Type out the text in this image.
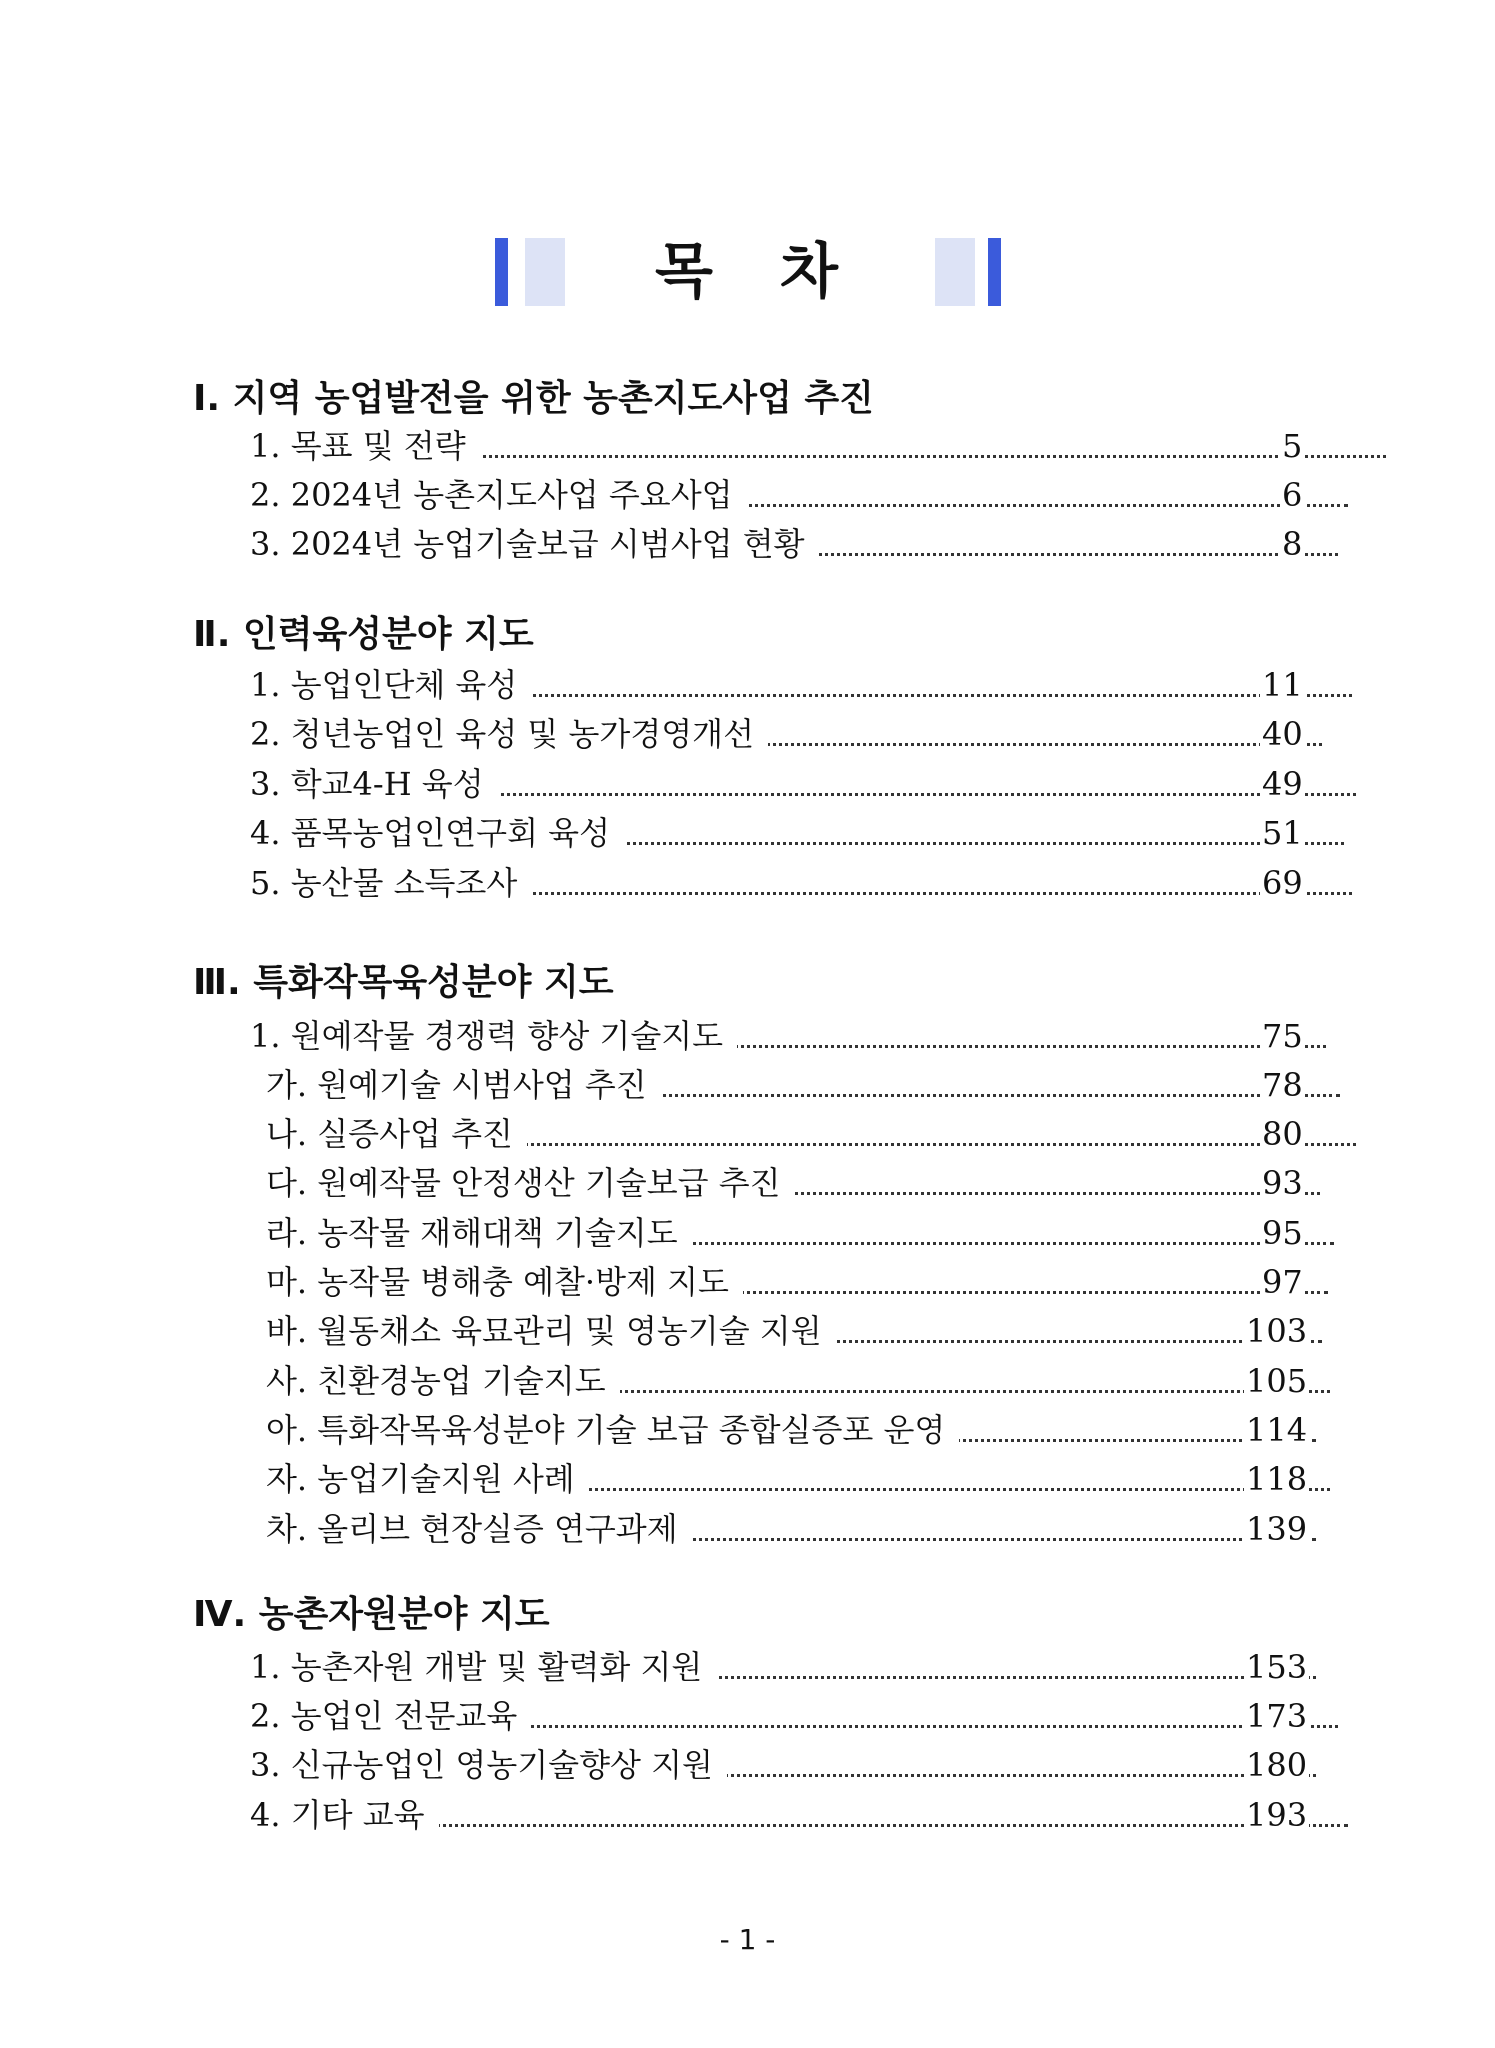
목 차
Ⅰ. 지역 농업발전을 위한 농촌지도사업 추진
1. 목표 및 전략	5
2. 2024년 농촌지도사업 주요사업	6
3. 2024년 농업기술보급 시범사업 현황	8
Ⅱ. 인력육성분야 지도
1. 농업인단체 육성	11
2. 청년농업인 육성 및 농가경영개선	40
3. 학교4-H 육성	49
4. 품목농업인연구회 육성	51
5. 농산물 소득조사	69
Ⅲ. 특화작목육성분야 지도
1. 원예작물 경쟁력 향상 기술지도	75
가. 원예기술 시범사업 추진	78
나. 실증사업 추진	80
다. 원예작물 안정생산 기술보급 추진	93
라. 농작물 재해대책 기술지도	95
마. 농작물 병해충 예찰·방제 지도	97
바. 월동채소 육묘관리 및 영농기술 지원	103
사. 친환경농업 기술지도	105
아. 특화작목육성분야 기술 보급 종합실증포 운영	114
자. 농업기술지원 사례	118
차. 올리브 현장실증 연구과제	139
Ⅳ. 농촌자원분야 지도
1. 농촌자원 개발 및 활력화 지원	153
2. 농업인 전문교육	173
3. 신규농업인 영농기술향상 지원	180
4. 기타 교육	193
- 1 -
